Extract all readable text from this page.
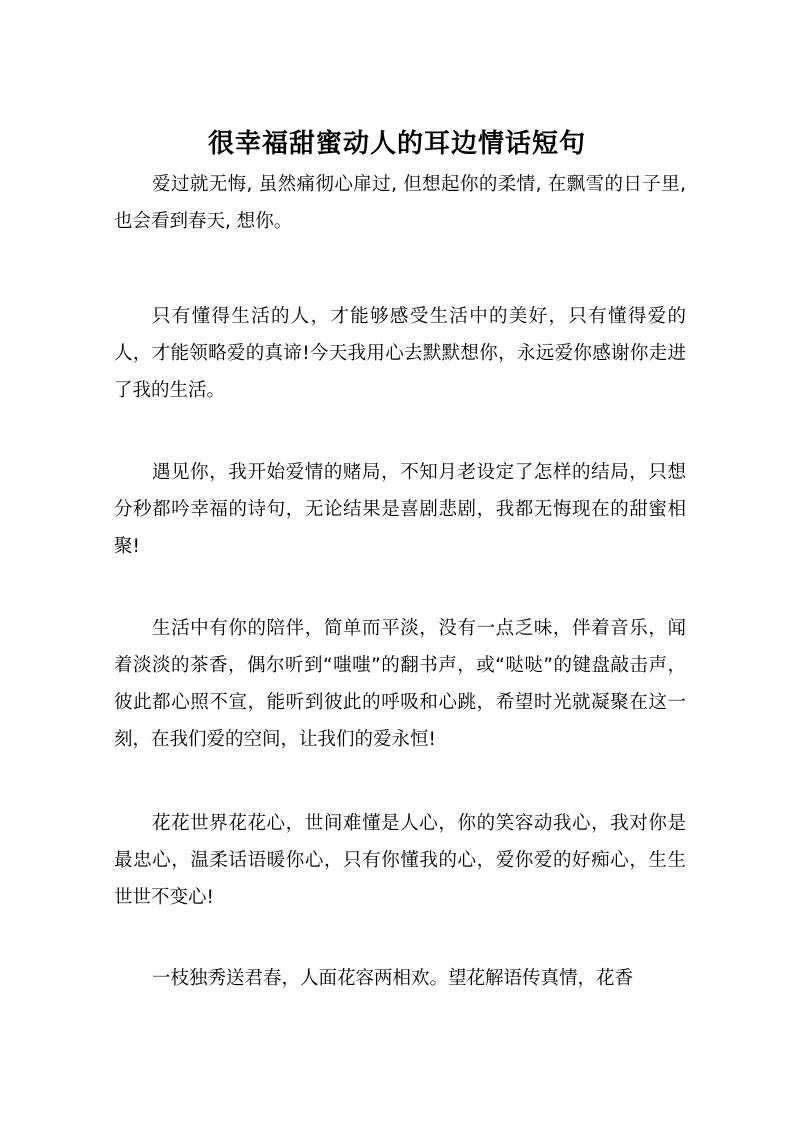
很幸福甜蜜动人的耳边情话短句

爱过就无悔, 虽然痛彻心扉过, 但想起你的柔情, 在飘雪的日子里, 也会看到春天, 想你。

只有懂得生活的人，才能够感受生活中的美好，只有懂得爱的人，才能领略爱的真谛!今天我用心去默默想你，永远爱你感谢你走进了我的生活。

遇见你，我开始爱情的赌局，不知月老设定了怎样的结局，只想分秒都吟幸福的诗句，无论结果是喜剧悲剧，我都无悔现在的甜蜜相聚!

生活中有你的陪伴，简单而平淡，没有一点乏味，伴着音乐，闻着淡淡的茶香，偶尔听到“嗤嗤”的翻书声，或“哒哒”的键盘敲击声，彼此都心照不宣，能听到彼此的呼吸和心跳，希望时光就凝聚在这一刻，在我们爱的空间，让我们的爱永恒!

花花世界花花心，世间难懂是人心，你的笑容动我心，我对你是最忠心，温柔话语暖你心，只有你懂我的心，爱你爱的好痴心，生生世世不变心!

一枝独秀送君春，人面花容两相欢。望花解语传真情，花香
